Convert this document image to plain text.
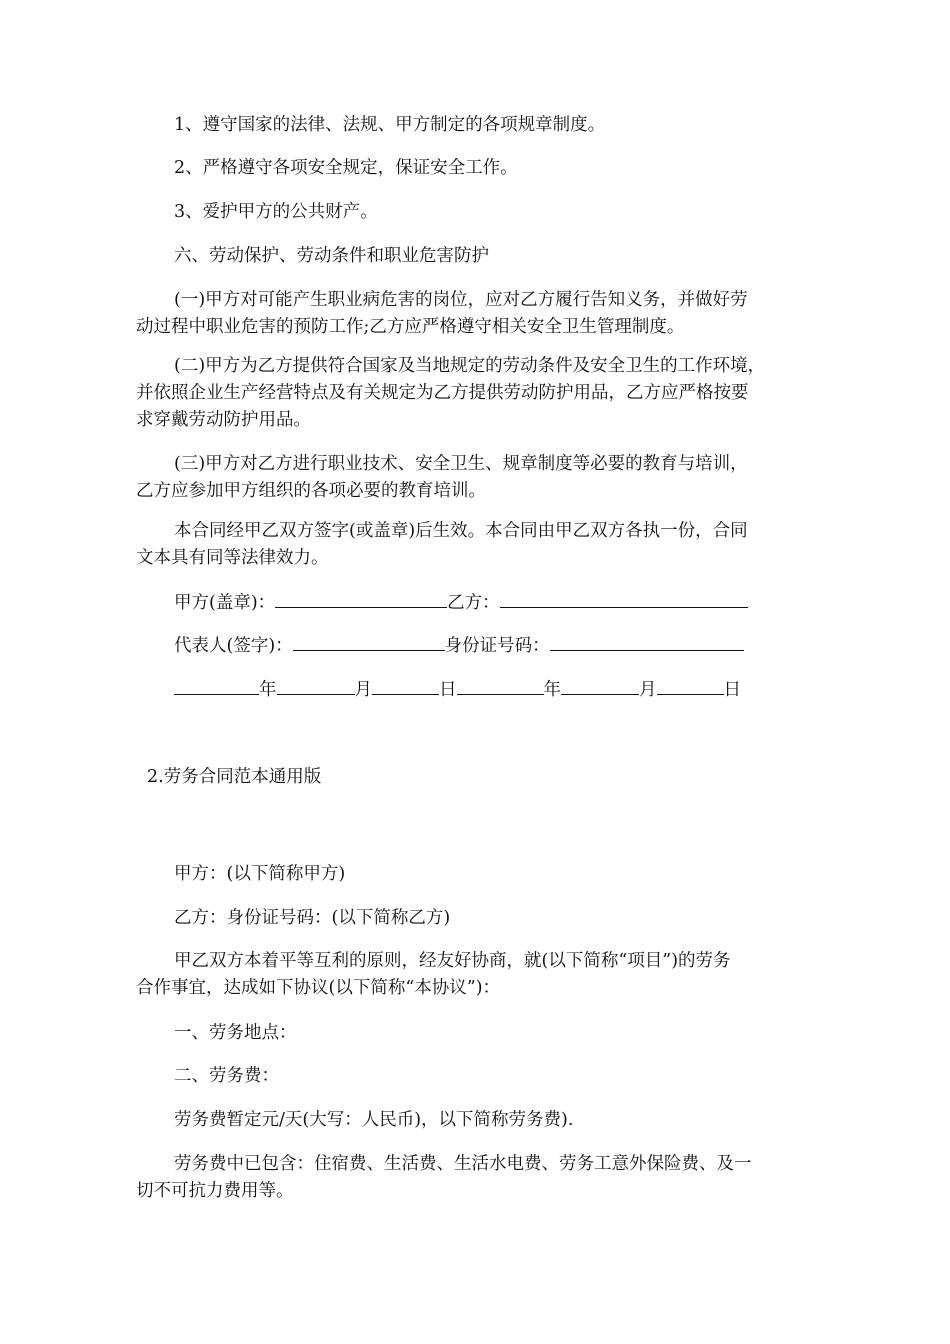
1、遵守国家的法律、法规、甲方制定的各项规章制度。
2、严格遵守各项安全规定，保证安全工作。
3、爱护甲方的公共财产。
六、劳动保护、劳动条件和职业危害防护
(一)甲方对可能产生职业病危害的岗位，应对乙方履行告知义务，并做好劳
动过程中职业危害的预防工作;乙方应严格遵守相关安全卫生管理制度。
(二)甲方为乙方提供符合国家及当地规定的劳动条件及安全卫生的工作环境，
并依照企业生产经营特点及有关规定为乙方提供劳动防护用品，乙方应严格按要
求穿戴劳动防护用品。
(三)甲方对乙方进行职业技术、安全卫生、规章制度等必要的教育与培训，
乙方应参加甲方组织的各项必要的教育培训。
本合同经甲乙双方签字(或盖章)后生效。本合同由甲乙双方各执一份，合同
文本具有同等法律效力。
甲方(盖章)：	乙方：
代表人(签字)：	身份证号码：
年	月	日	年	月	日
2.劳务合同范本通用版
甲方：(以下简称甲方)
乙方：身份证号码：(以下简称乙方)
甲乙双方本着平等互利的原则，经友好协商，就(以下简称“项目”)的劳务
合作事宜，达成如下协议(以下简称“本协议”)：
一、劳务地点：
二、劳务费：
劳务费暂定元/天(大写：人民币)，以下简称劳务费).
劳务费中已包含：住宿费、生活费、生活水电费、劳务工意外保险费、及一
切不可抗力费用等。
